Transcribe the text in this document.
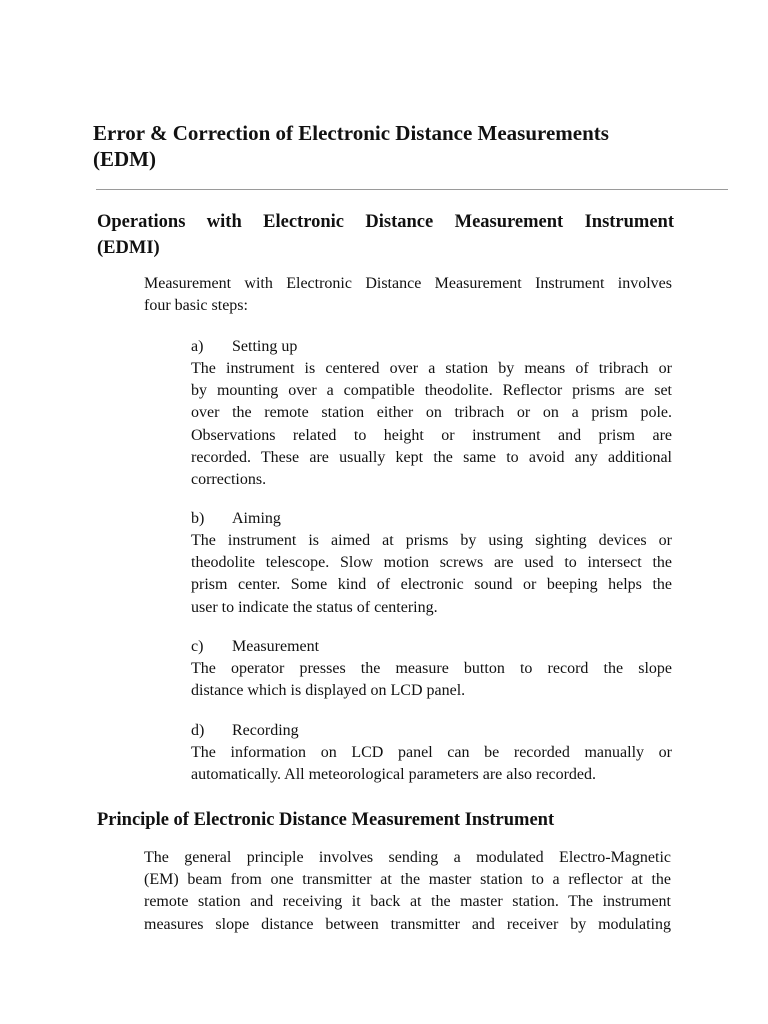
Error & Correction of Electronic Distance Measurements
(EDM)
Operations with Electronic Distance Measurement Instrument
(EDMI)
Measurement with Electronic Distance Measurement Instrument involves
four basic steps:
a) Setting up
The instrument is centered over a station by means of tribrach or
by mounting over a compatible theodolite. Reflector prisms are set
over the remote station either on tribrach or on a prism pole.
Observations related to height or instrument and prism are
recorded. These are usually kept the same to avoid any additional
corrections.
b) Aiming
The instrument is aimed at prisms by using sighting devices or
theodolite telescope. Slow motion screws are used to intersect the
prism center. Some kind of electronic sound or beeping helps the
user to indicate the status of centering.
c) Measurement
The operator presses the measure button to record the slope
distance which is displayed on LCD panel.
d) Recording
The information on LCD panel can be recorded manually or
automatically. All meteorological parameters are also recorded.
Principle of Electronic Distance Measurement Instrument
The general principle involves sending a modulated Electro-Magnetic
(EM) beam from one transmitter at the master station to a reflector at the
remote station and receiving it back at the master station. The instrument
measures slope distance between transmitter and receiver by modulating
